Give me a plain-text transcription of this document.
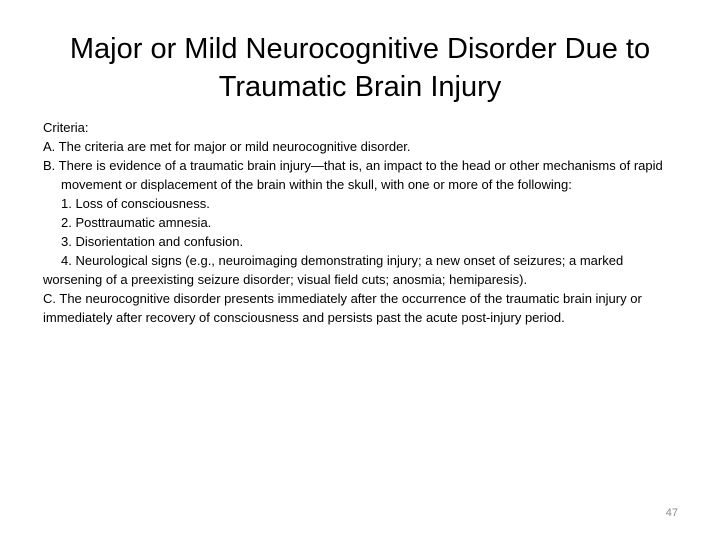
Major or Mild Neurocognitive Disorder Due to Traumatic Brain Injury

Criteria:

A. The criteria are met for major or mild neurocognitive disorder.

B. There is evidence of a traumatic brain injury—that is, an impact to the head or other mechanisms of rapid movement or displacement of the brain within the skull, with one or more of the following:

1. Loss of consciousness.

2. Posttraumatic amnesia.

3. Disorientation and confusion.

4. Neurological signs (e.g., neuroimaging demonstrating injury; a new onset of seizures; a marked worsening of a preexisting seizure disorder; visual field cuts; anosmia; hemiparesis).

C. The neurocognitive disorder presents immediately after the occurrence of the traumatic brain injury or immediately after recovery of consciousness and persists past the acute post-injury period.

47
